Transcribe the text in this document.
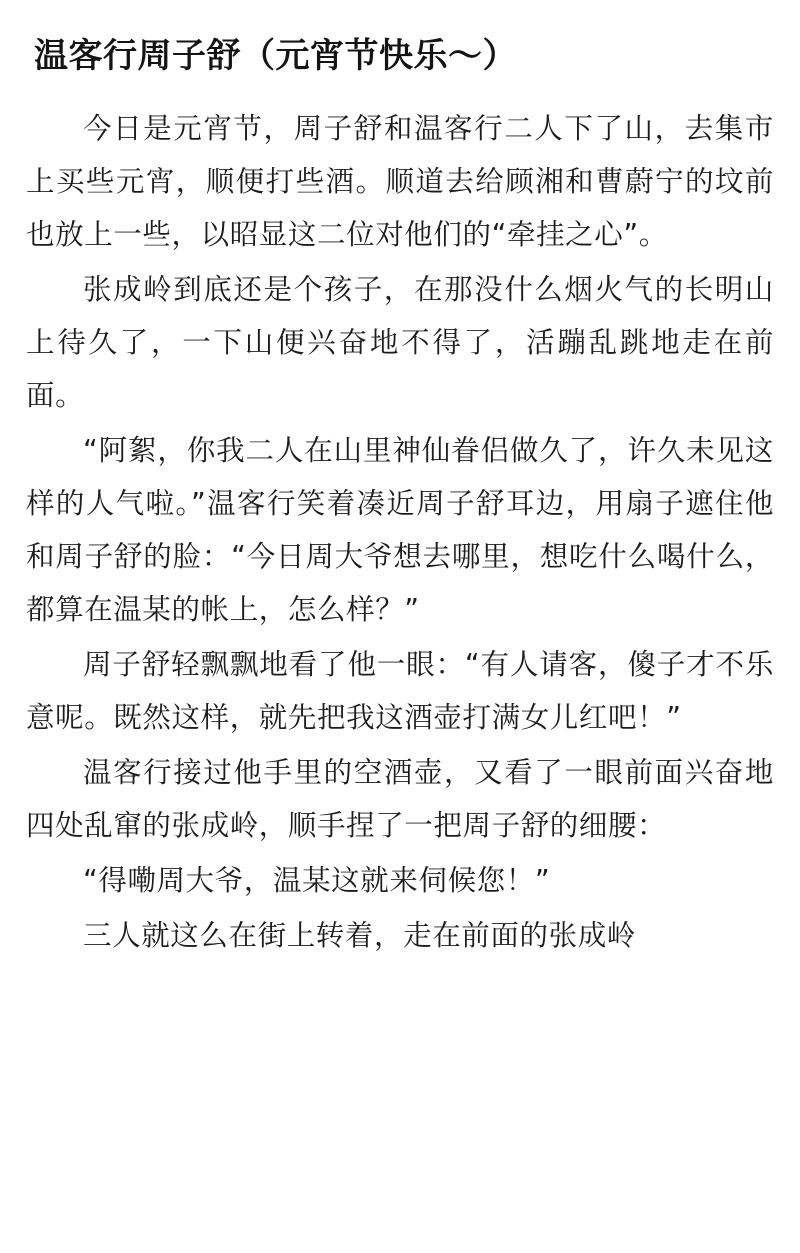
温客行周子舒（元宵节快乐～）

今日是元宵节，周子舒和温客行二人下了山，去集市上买些元宵，顺便打些酒。顺道去给顾湘和曹蔚宁的坟前也放上一些，以昭显这二位对他们的“牵挂之心”。

张成岭到底还是个孩子，在那没什么烟火气的长明山上待久了，一下山便兴奋地不得了，活蹦乱跳地走在前面。

“阿絮，你我二人在山里神仙眷侣做久了，许久未见这样的人气啦。”温客行笑着凑近周子舒耳边，用扇子遮住他和周子舒的脸：“今日周大爷想去哪里，想吃什么喝什么，都算在温某的帐上，怎么样？”

周子舒轻飘飘地看了他一眼：“有人请客，傻子才不乐意呢。既然这样，就先把我这酒壶打满女儿红吧！”

温客行接过他手里的空酒壶，又看了一眼前面兴奋地四处乱窜的张成岭，顺手捏了一把周子舒的细腰：

“得嘞周大爷，温某这就来伺候您！”

三人就这么在街上转着，走在前面的张成岭
